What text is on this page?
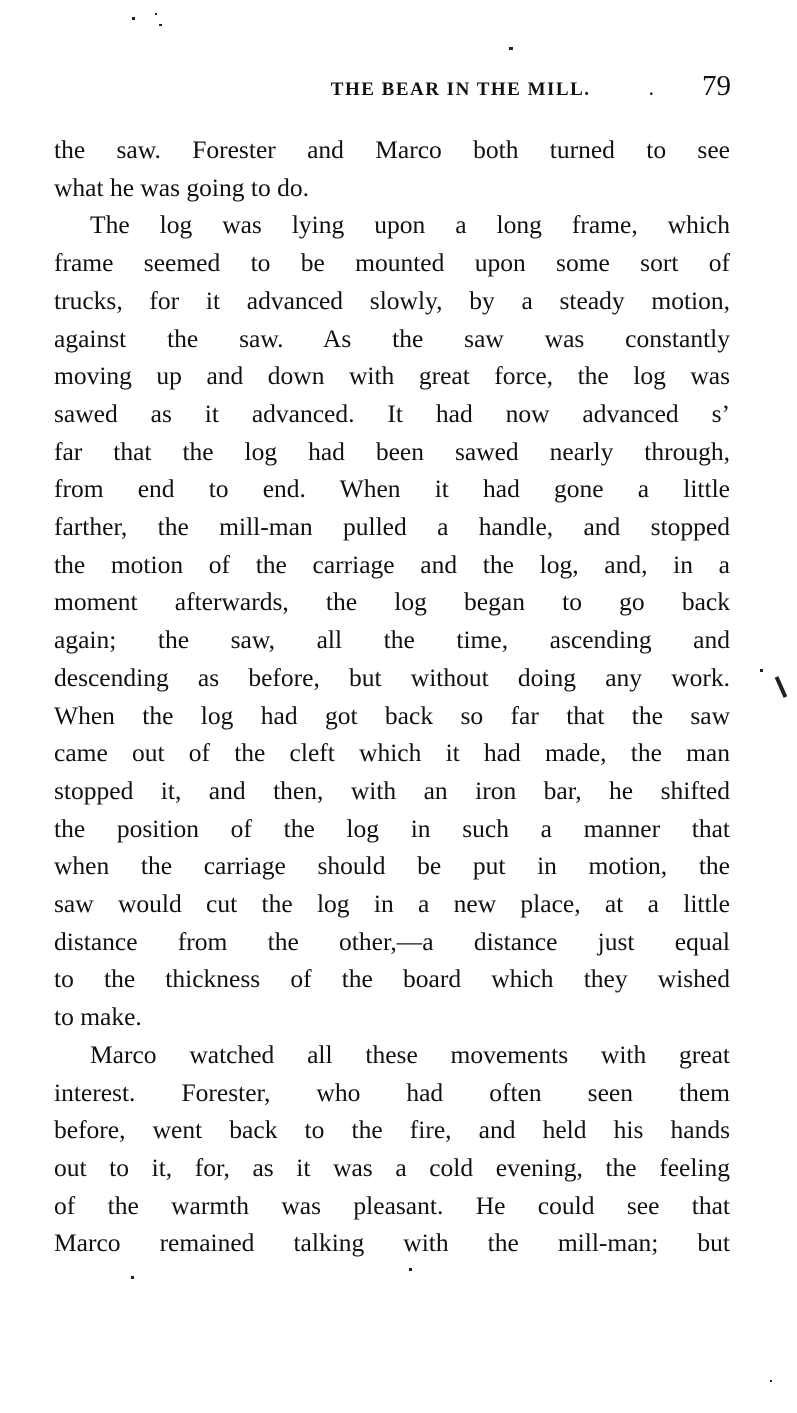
THE BEAR IN THE MILL.	. 79
the saw. Forester and Marco both turned to see
what he was going to do.
The log was lying upon a long frame, which
frame seemed to be mounted upon some sort of
trucks, for it advanced slowly, by a steady motion,
against the saw. As the saw was constantly
moving up and down with great force, the log was
sawed as it advanced. It had now advanced s’
far that the log had been sawed nearly through,
from end to end. When it had gone a little
farther, the mill-man pulled a handle, and stopped
the motion of the carriage and the log, and, in a
moment afterwards, the log began to go back
again; the saw, all the time, ascending and
descending as before, but without doing any work.
When the log had got back so far that the saw
came out of the cleft which it had made, the man
stopped it, and then, with an iron bar, he shifted
the position of the log in such a manner that
when the carriage should be put in motion, the
saw would cut the log in a new place, at a little
distance from the other,—a distance just equal
to the thickness of the board which they wished
to make.
Marco watched all these movements with great
interest. Forester, who had often seen them
before, went back to the fire, and held his hands
out to it, for, as it was a cold evening, the feeling
of the warmth was pleasant. He could see that
Marco remained talking with the mill-man; but
